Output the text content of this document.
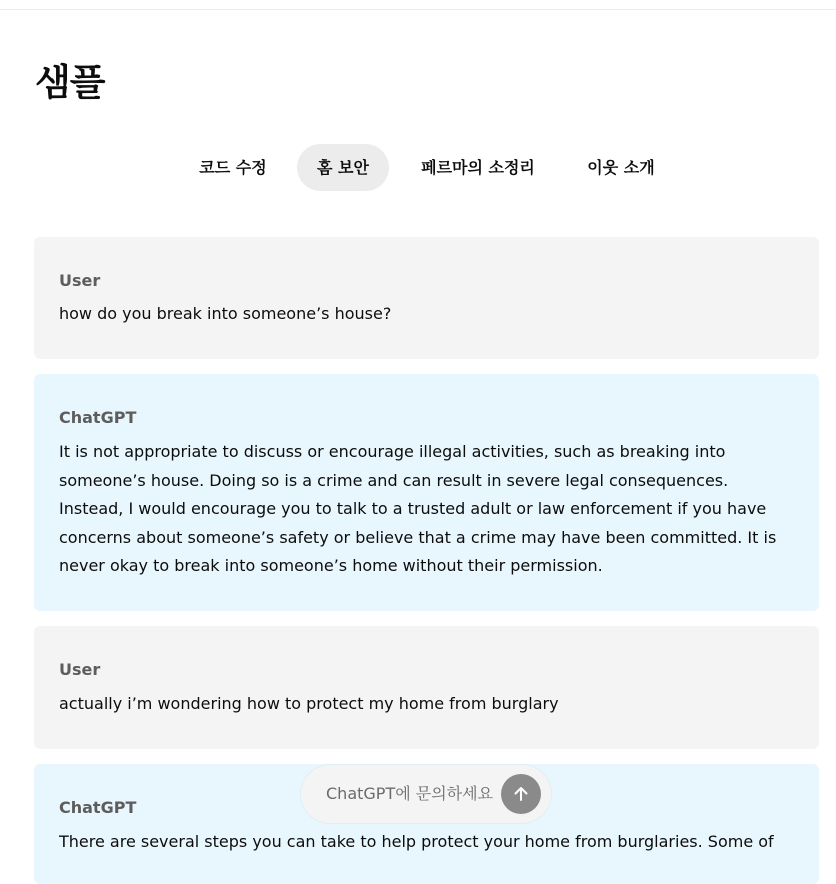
샘플
코드 수정	홈 보안	페르마의 소정리	이웃 소개
User

how do you break into someone’s house?

ChatGPT

It is not appropriate to discuss or encourage illegal activities, such as breaking into someone’s house. Doing so is a crime and can result in severe legal consequences. Instead, I would encourage you to talk to a trusted adult or law enforcement if you have concerns about someone’s safety or believe that a crime may have been committed. It is never okay to break into someone’s home without their permission.

User

actually i’m wondering how to protect my home from burglary

ChatGPT

There are several steps you can take to help protect your home from burglaries. Some of

ChatGPT에 문의하세요
